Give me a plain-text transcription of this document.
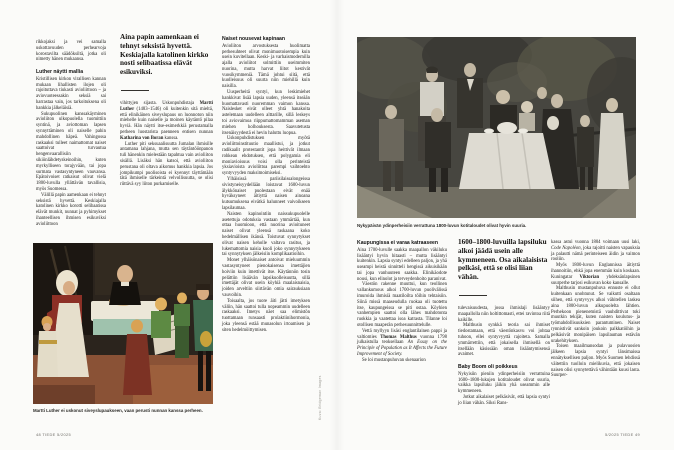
rikkojaksi ja vei samalla uskottavuuden perhearvoja korostavilta säädöksiltä, jotka oli nimetty hänen mukaansa.

Luther näytti mallia

Kristillisen kirkon virallisen kannan mukaan lihallisten ilojen oli rajoituttava tiukasti avioliittoon – ja aviovuoteessakin seksiä sai harrastaa vain, jos tarkoituksena oli hankkia jälkeläisiä.

Sukupuolinen kanssakäyminen avioliiton ulkopuolella tuomittiin syntinä, ja aviottoman lapsen synnyttäminen oli naiselle pahin mahdollinen häpeä. Vahingossa raskaaksi tulleet naimattomat naiset saattoivat turvautua hengenvaarallisiin sikiönlähdetyskeinoihin, kuten myrkylliseen torajyvään, tai jopa surmata vastasyntyneen vauvansa. Epätoivoiset ratkaisut olivat vielä 1800-luvulla yllättävän tavallisia, myös Suomessa.

Välillä papin aamenkaan ei tehnyt seksistä hyvettä. Keskiajalla katolinen kirkko korotti selibaatissa elävät munkit, nunnat ja pyhimykset ihanteellisen ihmisen esikuviksi avioliittoon

Aina papin aamenkaan ei tehnyt seksistä hyvettä. Keskiajalla katolinen kirkko nosti selibaatissa elävät esikuviksi.

vihittyjen sijasta. Uskonpuhdistaja Martti Luther (1483–1546) oli kuitenkin sitä mieltä, että elinikäinen siveyslupaus on luonnoton niin miehelle kuin naiselle ja moinen käytäntö pilaa hyviä. Hän näytti itse-esimerkkiä perustamalla perheen luostarista paenneen entisen nunnan Katharina von Boran kanssa.

Luther piti seksuaalisuutta Jumalan ihmisille antamana lahjana, mutta sen täytäntöönpanon tuli hänenkin mielestään tapahtua vain avioliiton sisällä. Lisäksi hän katsoi, että avioliiton perustana oli oltava aikomus hankkia lapsia. Jos jompikumpi puolisoista ei kyennyt täyttämään tätä ihmiselle tärkeintä velvollisuutta, se olisi riittävä syy liiton purkamiselle.

Naiset nousevat kapinaan

Avioliiton arvostuksesta huolimatta perhesuhteet olivat monimuotoisempia kuin usein kuvitellaan. Keski- ja varhaismodernilla ajalla avioliitot solmittiin useimmiten nuorina, mutta harvat liitot kestivät vuosikymmeniä. Tämä johtui siitä, että kuolleisuus oli suurta niin miehillä kuin naisilla.

Uusperheitä syntyi, kun leskimiehet hankkivat lisää lapsia uuden, yleensä itseään huomattavasti nuoremman vaimon kanssa. Naislesket eivät olleet yhtä hanakoita astelemaan uudelleen alttarille, sillä leskeys toi aviovaimoa riippumattomamman aseman miehen holhouksesta. Saavutetusta itsenäisyydestä ei hevin haluttu luopua.

Uskonpuhdistuksen myötä avioliittoinstituutio maallistui, ja jotkut radikaalit protestantit jopa heittivät ilmaan rohkean ehdotuksen, että polygamia eli moniavioisuus voisi olla perinteistä yksiavioista avioliittoa parempi vaihtoehto syntyvyyden maksimoimiseksi.

Ylhäisissä pariisilaissalongeissa sivistyneisyydellään loistavat 1600-luvun älykkönaiset puolestaan eivät enää hyväksyneet äitiyttä naisen ainoana kutsumuksena eivätkä halunneet vaivoikseen lapsilaumaa.

Naisten kapinointiin naissukupuolelle asetettuja odotuksia vastaan ymmärtää, kun ottaa huomioon, että nuorina avioituneet naiset olivat yleensä raskaana koko hedelmällisen ikänsä. Toistuvat synnytykset olivat naisen keholle valtava rasitus, ja lukemattomia naisia kuoli joko synnytykseen tai synnytyksen jälkeisiin komplikaatioihin.

Monet ylhäisönaiset antoivat mieluummin vastasyntyneet pienokaisensa imettäjien hoiviin kuin imettivät itse. Käytännön tosin pelättiin lisäävän lapsikuolleisuutta, sillä imettäjät olivat usein köyhiä maalaisnaisia, joiden arveltiin siirtävän omia sairauksiaan vauvoihin.

Toisaalta, jos tuore äiti jätti imetyksen väliin, hän saattoi tulla nopeammin uudelleen raskaaksi. Imetys näet saa elimistön tuottamaan runsaasti prolaktiinihormonia, joka yleensä estää munasolun irtoamisen ja siten hedelmöittymisen.

Martti Luther ei uskonut siveyslupaukseen, vaan perusti nunnan kanssa perheen.	Kuva: Bridgeman Images
Nykypäivän ydinperheisiin verrattuna 1800-luvun kotitaloudet olivat hyvin suuria.
Kaupungissa ei varaa katraaseen

Aina 1700-luvulle saakka maapallon väkiluku lisääntyi hyvin hitaasti – mutta lisääntyi kuitenkin. Lapsia syntyi edelleen paljon, ja yhä useampi heistä sinnitteli hengissä aikuisikään tai jopa vanhuuteen saakka. Elinikäodote nousi, kun elinolot ja terveydenhoito paranivat.

Väestön rakenne muuttui, kun teollinen vallankumous alkoi 1700-luvun puolivälissä imuroida ihmisiä maatiloilta töihin tehtaisiin. Siinä missä maaseudulla ruokaa oli tuotettu itse, kaupungeissa se piti ostaa. Köyhien vanhempien saattoi olla lähes mahdotonta ruokkia ja vaatettaa isoa katrasta. Tilanne loi otollisen maaperän perhesuunnittelulle.

Vettä myllyyn lisäsi englantilainen pappi ja valtiomies Thomas Malthus vuonna 1798 julkaistulla teoksellaan An Essay on the Principle of Population as It Affects the Future Improvement of Society.

Se loi mustanpuhuvan skenaarion

1600–1800-luvuilla lapsiluku alkoi jäädä usein alle kymmeneen. Osa aikalaisista pelkäsi, että se olisi liian vähän.

tulevaisuudesta, jossa ihmislaji lisääntyy maapallolla niin holtittomasti, ettei ravintoa riitä kaikille.

Malthusin synkkä teoria sai ihmiset tiedostamaan, että väestönkasvu voi johtaa tuhoon, ellei syntyvyyttä rajoiteta. Samalla ymmärrettiin, että jokaisella ihmisellä on itsellään käsissään oman lisääntymisensä avaimet.

Baby Boom oli poikkeus

Nykyisiin pieniin ydinperheisiin verrattuina 1600–1800-lukujen kotitaloudet olivat suuria, vaikka lapsiluku jäikin yhä useammin alle kymmeneen.

Jotkut aikalaiset pelkäsivät, että lapsia syntyi jo liian vähän. Siksi Rans-

kassa astui vuonna 1804 voimaan uusi laki, Code Napoléon, joka rajoitti naisten vapauksia ja palautti nämä perinteiseen äidin ja vaimon rooliin.

Myös 1800-luvun Englannissa äitiyttä ihannoitiin, ehkä jopa enemmän kuin koskaan. Kuningatar Viktorian yhdeksänlapsinen suurperhe tarjosi esikuvan koko kansalle.

Malthusin mustanpuhuva ennuste ei ollut kuitenkaan unohtunut. Se vaikutti osaltaan siihen, että syntyvyys alkoi vähitellen laskea aina 1800-luvun alkupuolelta lähtien. Perhekoon pienenemistä vauhdittivat toki muutkin tekijät, kuten naisten koulutus- ja työmahdollisuuksien parantuminen. Naiset rynnistivät sankoin joukoin palkkatöihin ja pelkäsivät monipäisen lapsilauman estävän urakehityksen.

Toisen maailmansodan ja pulavuosien jälkeen lapsia syntyi länsimaissa ennätyksellisen paljon. Myös Suomen lehdissä väitettiin tuolloin mielikuvia, että jokaisen naisen olisi synnytettävä vähintään kuusi lasta. Suurper-

48 TIEDE 5/2025	5/2025 TIEDE 49
